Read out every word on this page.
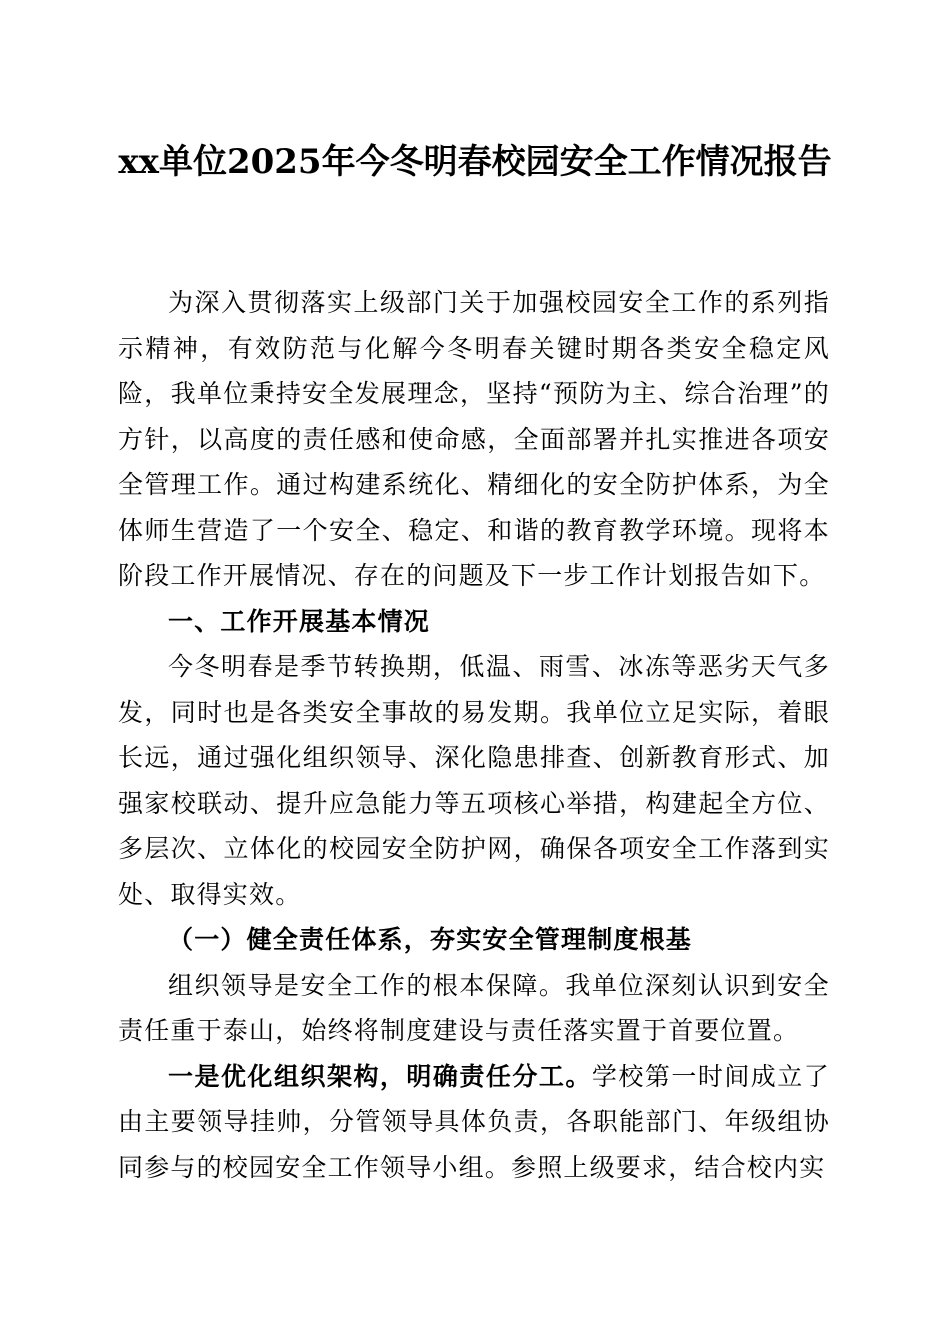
xx单位2025年今冬明春校园安全工作情况报告

为深入贯彻落实上级部门关于加强校园安全工作的系列指示精神，有效防范与化解今冬明春关键时期各类安全稳定风险，我单位秉持安全发展理念，坚持“预防为主、综合治理”的方针，以高度的责任感和使命感，全面部署并扎实推进各项安全管理工作。通过构建系统化、精细化的安全防护体系，为全体师生营造了一个安全、稳定、和谐的教育教学环境。现将本阶段工作开展情况、存在的问题及下一步工作计划报告如下。

一、工作开展基本情况

今冬明春是季节转换期，低温、雨雪、冰冻等恶劣天气多发，同时也是各类安全事故的易发期。我单位立足实际，着眼长远，通过强化组织领导、深化隐患排查、创新教育形式、加强家校联动、提升应急能力等五项核心举措，构建起全方位、多层次、立体化的校园安全防护网，确保各项安全工作落到实处、取得实效。

（一）健全责任体系，夯实安全管理制度根基

组织领导是安全工作的根本保障。我单位深刻认识到安全责任重于泰山，始终将制度建设与责任落实置于首要位置。

一是优化组织架构，明确责任分工。学校第一时间成立了由主要领导挂帅，分管领导具体负责，各职能部门、年级组协同参与的校园安全工作领导小组。参照上级要求，结合校内实
